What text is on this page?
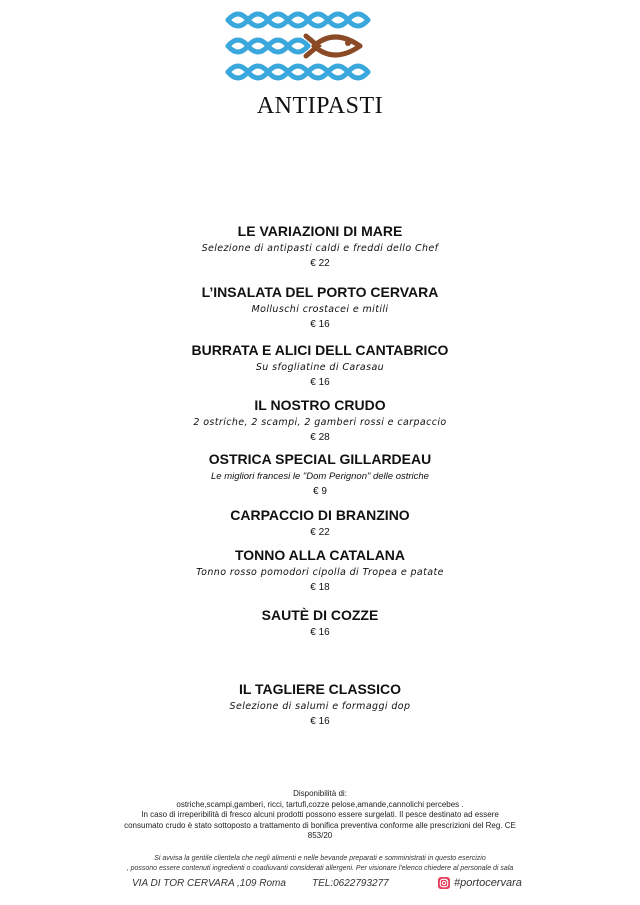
ANTIPASTI
LE VARIAZIONI DI MARE
Selezione di antipasti caldi e freddi dello Chef
€ 22
L’INSALATA DEL PORTO CERVARA
Molluschi crostacei e mitili
€ 16
BURRATA E ALICI DELL CANTABRICO
Su sfogliatine di Carasau
€ 16
IL NOSTRO CRUDO
2 ostriche, 2 scampi, 2 gamberi rossi e carpaccio
€ 28
OSTRICA SPECIAL GILLARDEAU
Le migliori francesi le "Dom Perignon" delle ostriche
€ 9
CARPACCIO DI BRANZINO
€ 22
TONNO ALLA CATALANA
Tonno rosso pomodori cipolla di Tropea e patate
€ 18
SAUTÈ DI COZZE
€ 16
IL TAGLIERE CLASSICO
Selezione di salumi e formaggi dop
€ 16
Disponibilità di:
ostriche,scampi,gamberi, ricci, tartufi,cozze pelose,amande,cannolichi percebes .
In caso di irreperibilità di fresco alcuni prodotti possono essere surgelati. Il pesce destinato ad essere
consumato crudo è stato sottoposto a trattamento di bonifica preventiva conforme alle prescrizioni del Reg. CE
853/20
Si avvisa la gentile clientela che negli alimenti e nelle bevande preparati e somministrati in questo esercizio
, possono essere contenuti ingredienti o coadiuvanti considerati allergeni. Per visionare l'elenco chiedere al personale di sala
VIA DI TOR CERVARA ,109 Roma	TEL:0622793277	#portocervara
